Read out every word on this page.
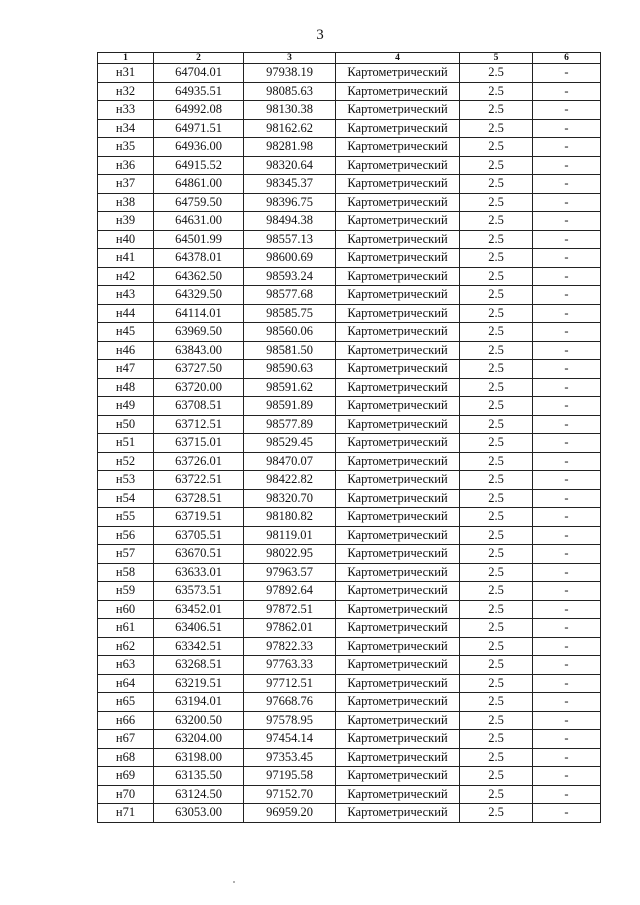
3
1	2	3	4	5	6
н31	64704.01	97938.19	Картометрический	2.5	-
н32	64935.51	98085.63	Картометрический	2.5	-
н33	64992.08	98130.38	Картометрический	2.5	-
н34	64971.51	98162.62	Картометрический	2.5	-
н35	64936.00	98281.98	Картометрический	2.5	-
н36	64915.52	98320.64	Картометрический	2.5	-
н37	64861.00	98345.37	Картометрический	2.5	-
н38	64759.50	98396.75	Картометрический	2.5	-
н39	64631.00	98494.38	Картометрический	2.5	-
н40	64501.99	98557.13	Картометрический	2.5	-
н41	64378.01	98600.69	Картометрический	2.5	-
н42	64362.50	98593.24	Картометрический	2.5	-
н43	64329.50	98577.68	Картометрический	2.5	-
н44	64114.01	98585.75	Картометрический	2.5	-
н45	63969.50	98560.06	Картометрический	2.5	-
н46	63843.00	98581.50	Картометрический	2.5	-
н47	63727.50	98590.63	Картометрический	2.5	-
н48	63720.00	98591.62	Картометрический	2.5	-
н49	63708.51	98591.89	Картометрический	2.5	-
н50	63712.51	98577.89	Картометрический	2.5	-
н51	63715.01	98529.45	Картометрический	2.5	-
н52	63726.01	98470.07	Картометрический	2.5	-
н53	63722.51	98422.82	Картометрический	2.5	-
н54	63728.51	98320.70	Картометрический	2.5	-
н55	63719.51	98180.82	Картометрический	2.5	-
н56	63705.51	98119.01	Картометрический	2.5	-
н57	63670.51	98022.95	Картометрический	2.5	-
н58	63633.01	97963.57	Картометрический	2.5	-
н59	63573.51	97892.64	Картометрический	2.5	-
н60	63452.01	97872.51	Картометрический	2.5	-
н61	63406.51	97862.01	Картометрический	2.5	-
н62	63342.51	97822.33	Картометрический	2.5	-
н63	63268.51	97763.33	Картометрический	2.5	-
н64	63219.51	97712.51	Картометрический	2.5	-
н65	63194.01	97668.76	Картометрический	2.5	-
н66	63200.50	97578.95	Картометрический	2.5	-
н67	63204.00	97454.14	Картометрический	2.5	-
н68	63198.00	97353.45	Картометрический	2.5	-
н69	63135.50	97195.58	Картометрический	2.5	-
н70	63124.50	97152.70	Картометрический	2.5	-
н71	63053.00	96959.20	Картометрический	2.5	-
